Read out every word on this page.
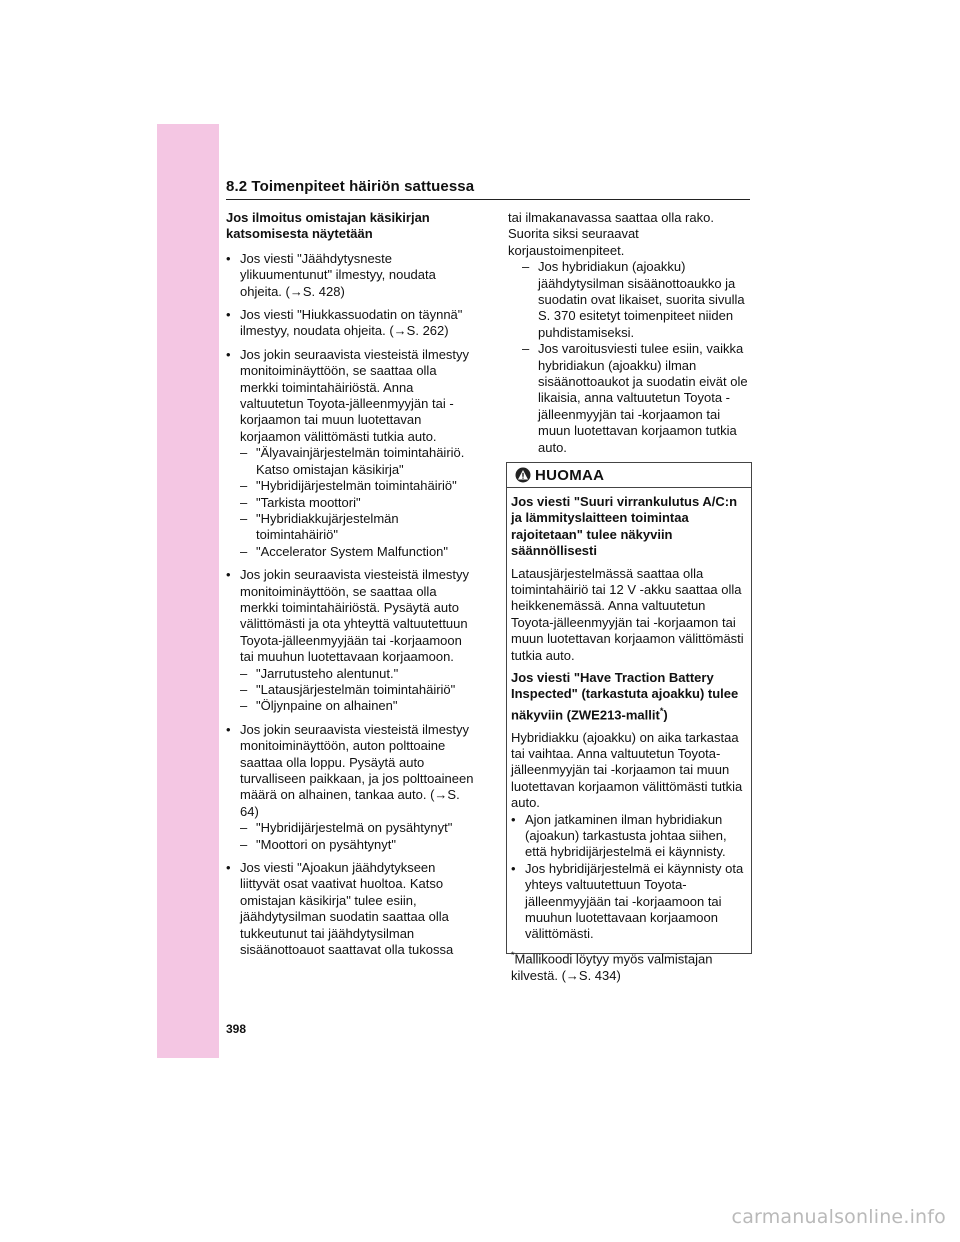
8.2 Toimenpiteet häiriön sattuessa

Jos ilmoitus omistajan käsikirjan katsomisesta näytetään

• Jos viesti "Jäähdytysneste ylikuumentunut" ilmestyy, noudata ohjeita. (→S. 428)

• Jos viesti "Hiukkassuodatin on täynnä" ilmestyy, noudata ohjeita. (→S. 262)

• Jos jokin seuraavista viesteistä ilmestyy monitoiminäyttöön, se saattaa olla merkki toimintahäiriöstä. Anna valtuutetun Toyota-jälleenmyyjän tai -korjaamon tai muun luotettavan korjaamon välittömästi tutkia auto.

– "Älyavainjärjestelmän toimintahäiriö. Katso omistajan käsikirja"

– "Hybridijärjestelmän toimintahäiriö"

– "Tarkista moottori"

– "Hybridiakkujärjestelmän toimintahäiriö"

– "Accelerator System Malfunction"

• Jos jokin seuraavista viesteistä ilmestyy monitoiminäyttöön, se saattaa olla merkki toimintahäiriöstä. Pysäytä auto välittömästi ja ota yhteyttä valtuutettuun Toyota-jälleenmyyjään tai -korjaamoon tai muuhun luotettavaan korjaamoon.

– "Jarrutusteho alentunut."

– "Latausjärjestelmän toimintahäiriö"

– "Öljynpaine on alhainen"

• Jos jokin seuraavista viesteistä ilmestyy monitoiminäyttöön, auton polttoaine saattaa olla loppu. Pysäytä auto turvalliseen paikkaan, ja jos polttoaineen määrä on alhainen, tankaa auto. (→S. 64)

– "Hybridijärjestelmä on pysähtynyt"

– "Moottori on pysähtynyt"

• Jos viesti "Ajoakun jäähdytykseen liittyvät osat vaativat huoltoa. Katso omistajan käsikirja" tulee esiin, jäähdytysilman suodatin saattaa olla tukkeutunut tai jäähdytysilman sisäänottoauot saattavat olla tukossa

tai ilmakanavassa saattaa olla rako. Suorita siksi seuraavat korjaustoimenpiteet.

– Jos hybridiakun (ajoakku) jäähdytysilman sisäänottoaukko ja suodatin ovat likaiset, suorita sivulla S. 370 esitetyt toimenpiteet niiden puhdistamiseksi.

– Jos varoitusviesti tulee esiin, vaikka hybridiakun (ajoakku) ilman sisäänottoaukot ja suodatin eivät ole likaisia, anna valtuutetun Toyota -jälleenmyyjän tai -korjaamon tai muun luotettavan korjaamon tutkia auto.

HUOMAA

Jos viesti "Suuri virrankulutus A/C:n ja lämmityslaitteen toimintaa rajoitetaan" tulee näkyviin säännöllisesti

Latausjärjestelmässä saattaa olla toimintahäiriö tai 12 V -akku saattaa olla heikkenemässä. Anna valtuutetun Toyota-jälleenmyyjän tai -korjaamon tai muun luotettavan korjaamon välittömästi tutkia auto.

Jos viesti "Have Traction Battery Inspected" (tarkastuta ajoakku) tulee näkyviin (ZWE213-mallit*)

Hybridiakku (ajoakku) on aika tarkastaa tai vaihtaa. Anna valtuutetun Toyota-jälleenmyyjän tai -korjaamon tai muun luotettavan korjaamon välittömästi tutkia auto.

• Ajon jatkaminen ilman hybridiakun (ajoakun) tarkastusta johtaa siihen, että hybridijärjestelmä ei käynnisty.

• Jos hybridijärjestelmä ei käynnisty ota yhteys valtuutettuun Toyota-jälleenmyyjään tai -korjaamoon tai muuhun luotettavaan korjaamoon välittömästi.

*Mallikoodi löytyy myös valmistajan kilvestä. (→S. 434)

398
carmanualsonline.info
